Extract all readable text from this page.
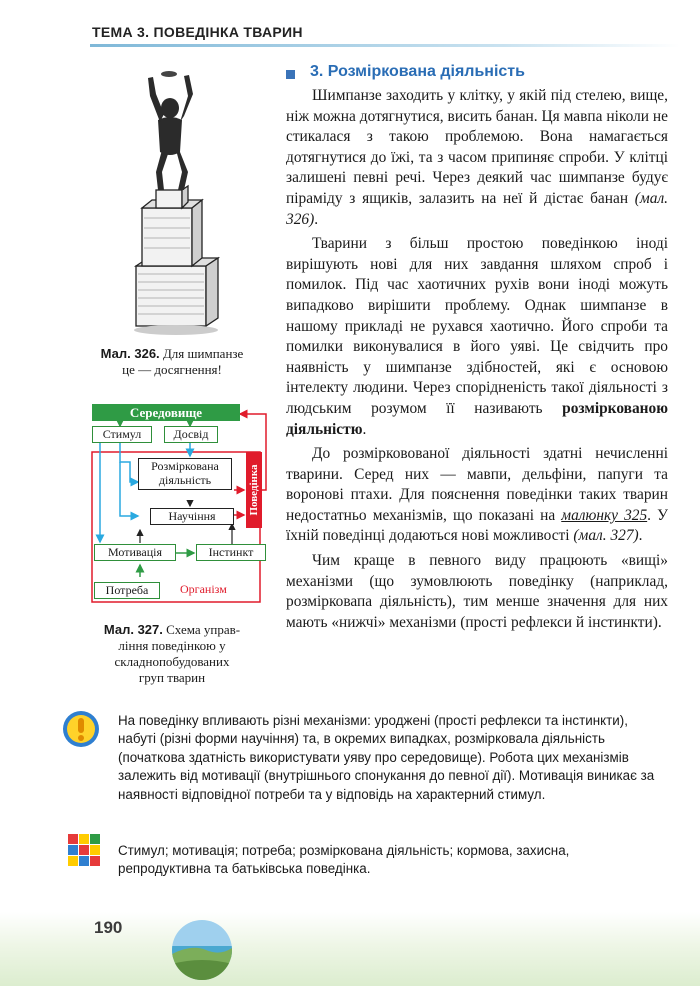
ТЕМА 3. ПОВЕДІНКА ТВАРИН
Мал. 326. Для шимпанзе
це — досягнення!
Середовище
Стимул	Досвід
Розміркована
діяльність
Научіння
Поведінка
Мотивація	Інстинкт
Потреба	Організм
Мал. 327. Схема управ-
ління поведінкою у
складнопобудованих
груп тварин
3. Розміркована діяльність

Шимпанзе заходить у клітку, у якій під стелею, вище, ніж можна дотягнутися, висить банан. Ця мавпа ніколи не стикалася з такою проблемою. Вона намагається дотягнутися до їжі, та з часом припиняє спроби. У клітці залишені певні речі. Через деякий час шимпанзе будує піраміду з ящиків, залазить на неї й дістає банан (мал. 326).

Тварини з більш простою поведінкою іноді вирішують нові для них завдання шляхом спроб і помилок. Під час хаотичних рухів вони іноді можуть випадково вирішити проблему. Однак шимпанзе в нашому прикладі не рухався хаотично. Його спроби та помилки виконувалися в його уяві. Це свідчить про наявність у шимпанзе здібностей, які є основою інтелекту людини. Через спорідненість такої діяльності з людським розумом її називають розміркованою діяльністю.

До розмірковованої діяльності здатні нечисленні тварини. Серед них — мавпи, дельфіни, папуги та воронові птахи. Для пояснення поведінки таких тварин недостатньо механізмів, що показані на малюнку 325. У їхній поведінці додаються нові можливості (мал. 327).

Чим краще в певного виду працюють «вищі» механізми (що зумовлюють поведінку (наприклад, розмірковапа діяльність), тим менше значення для них мають «нижчі» механізми (прості рефлекси й інстинкти).

На поведінку впливають різні механізми: уроджені (прості рефлекси та інстинкти), набуті (різні форми научіння) та, в окремих випадках, розмірковала діяльність (початкова здатність використувати уяву про середовище). Робота цих механізмів залежить від мотивації (внутрішнього спонукання до певної дії). Мотивація виникає за наявності відповідної потреби та у відповідь на характерний стимул.
Стимул; мотивація; потреба; розміркована діяльність; кормова, захисна, репродуктивна та батьківська поведінка.
190
